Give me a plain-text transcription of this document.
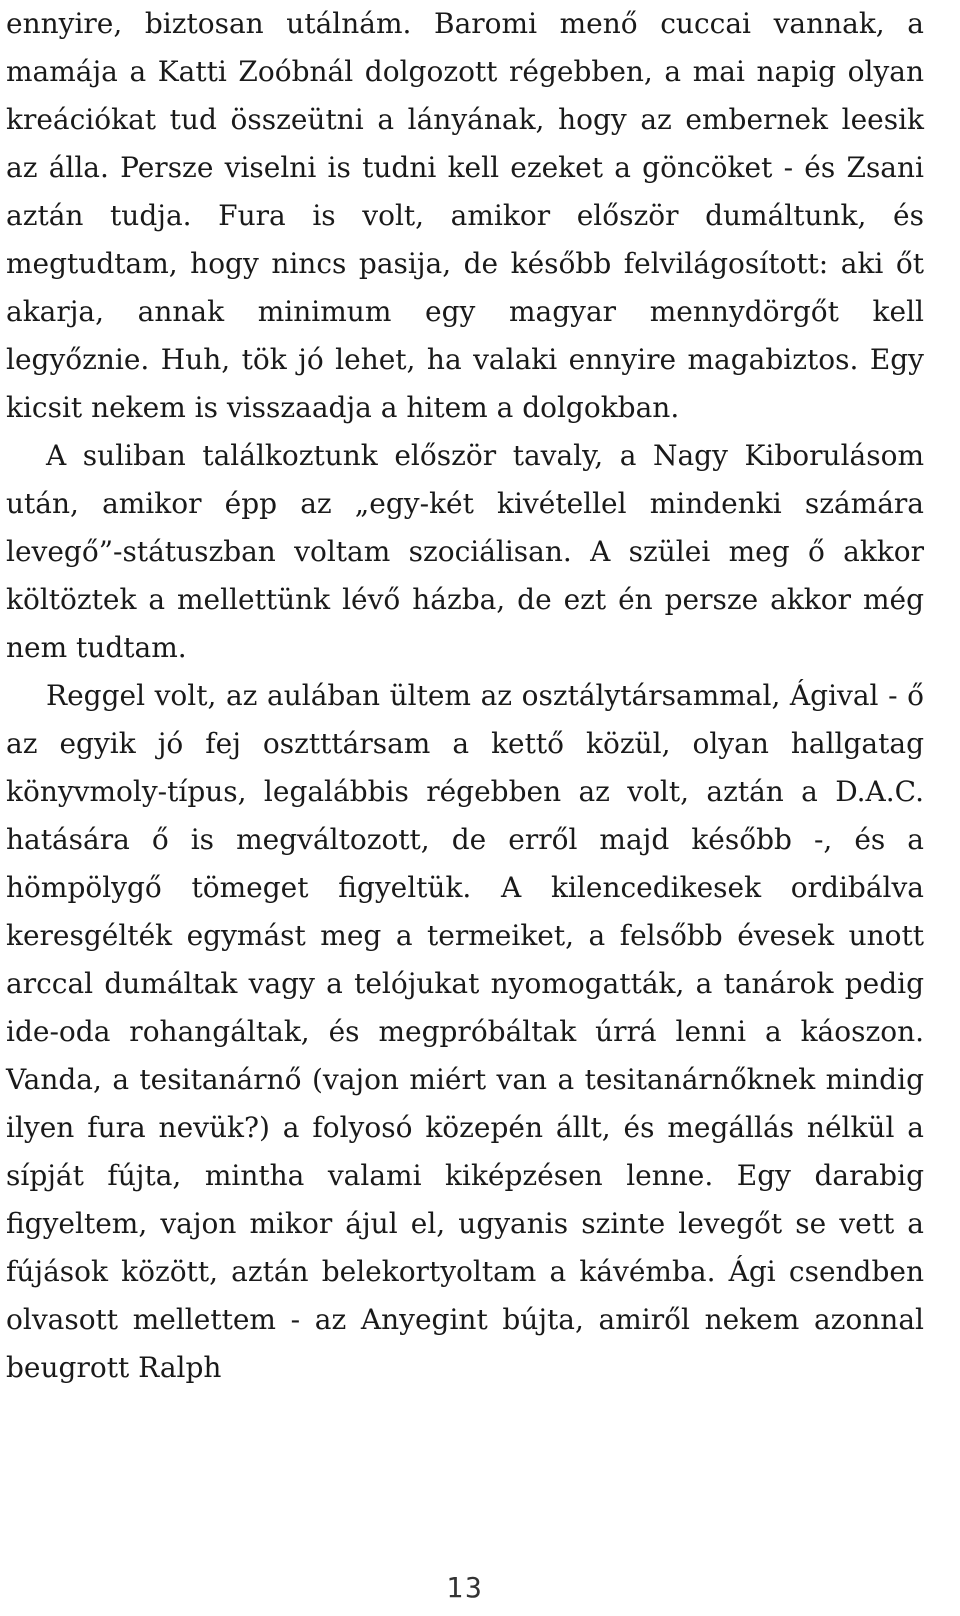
ennyire, biztosan utálnám. Baromi menő cuccai vannak, a mamája a Katti Zoóbnál dolgozott régebben, a mai napig olyan kreációkat tud összeütni a lányának, hogy az embernek leesik az álla. Persze viselni is tudni kell ezeket a göncöket - és Zsani aztán tudja. Fura is volt, amikor először dumáltunk, és megtudtam, hogy nincs pasija, de később felvilágosított: aki őt akarja, annak minimum egy magyar mennydörgőt kell legyőznie. Huh, tök jó lehet, ha valaki ennyire magabiztos. Egy kicsit nekem is visszaadja a hitem a dolgokban.

A suliban találkoztunk először tavaly, a Nagy Kiborulásom után, amikor épp az „egy-két kivétellel mindenki számára levegő”-státuszban voltam szociálisan. A szülei meg ő akkor költöztek a mellettünk lévő házba, de ezt én persze akkor még nem tudtam.

Reggel volt, az aulában ültem az osztálytársammal, Ágival - ő az egyik jó fej osztttársam a kettő közül, olyan hallgatag könyvmoly-típus, legalábbis régebben az volt, aztán a D.A.C. hatására ő is megváltozott, de erről majd később -, és a hömpölygő tömeget figyeltük. A kilencedikesek ordibálva keresgélték egymást meg a termeiket, a felsőbb évesek unott arccal dumáltak vagy a telójukat nyomogatták, a tanárok pedig ide-oda rohangáltak, és megpróbáltak úrrá lenni a káoszon. Vanda, a tesitanárnő (vajon miért van a tesitanárnőknek mindig ilyen fura nevük?) a folyosó közepén állt, és megállás nélkül a sípját fújta, mintha valami kiképzésen lenne. Egy darabig figyeltem, vajon mikor ájul el, ugyanis szinte levegőt se vett a fújások között, aztán belekortyoltam a kávémba. Ági csendben olvasott mellettem - az Anyegint bújta, amiről nekem azonnal beugrott Ralph

13
